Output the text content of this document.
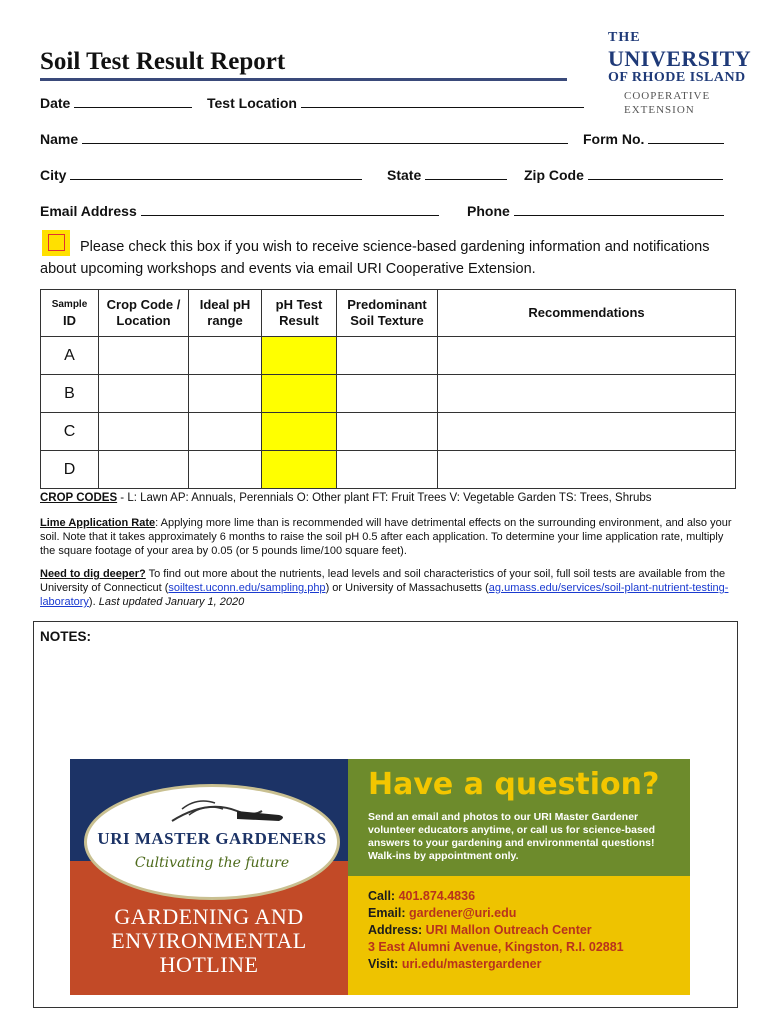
Soil Test Result Report
THE
UNIVERSITY
OF RHODE ISLAND
COOPERATIVE
EXTENSION
Date	Test Location
Name	Form No.
City	State	Zip Code
Email Address	Phone
Please check this box if you wish to receive science-based gardening information and notifications about upcoming workshops and events via email URI Cooperative Extension.
Sample
ID	Crop Code / Location	Ideal pH range	pH Test Result	Predominant Soil Texture	Recommendations
A					
B					
C					
D					
CROP CODES - L: Lawn AP: Annuals, Perennials O: Other plant FT: Fruit Trees V: Vegetable Garden TS: Trees, Shrubs
Lime Application Rate: Applying more lime than is recommended will have detrimental effects on the surrounding environment, and also your soil. Note that it takes approximately 6 months to raise the soil pH 0.5 after each application. To determine your lime application rate, multiply the square footage of your area by 0.05 (or 5 pounds lime/100 square feet).
Need to dig deeper? To find out more about the nutrients, lead levels and soil characteristics of your soil, full soil tests are available from the University of Connecticut (soiltest.uconn.edu/sampling.php) or University of Massachusetts (ag.umass.edu/services/soil-plant-nutrient-testing-laboratory). Last updated January 1, 2020
NOTES:
URI MASTER GARDENERS
Cultivating the future
GARDENING AND
ENVIRONMENTAL
HOTLINE
Have a question?
Send an email and photos to our URI Master Gardener volunteer educators anytime, or call us for science-based answers to your gardening and environmental questions! Walk-ins by appointment only.
Call: 401.874.4836
Email: gardener@uri.edu
Address: URI Mallon Outreach Center
3 East Alumni Avenue, Kingston, R.I. 02881
Visit: uri.edu/mastergardener
